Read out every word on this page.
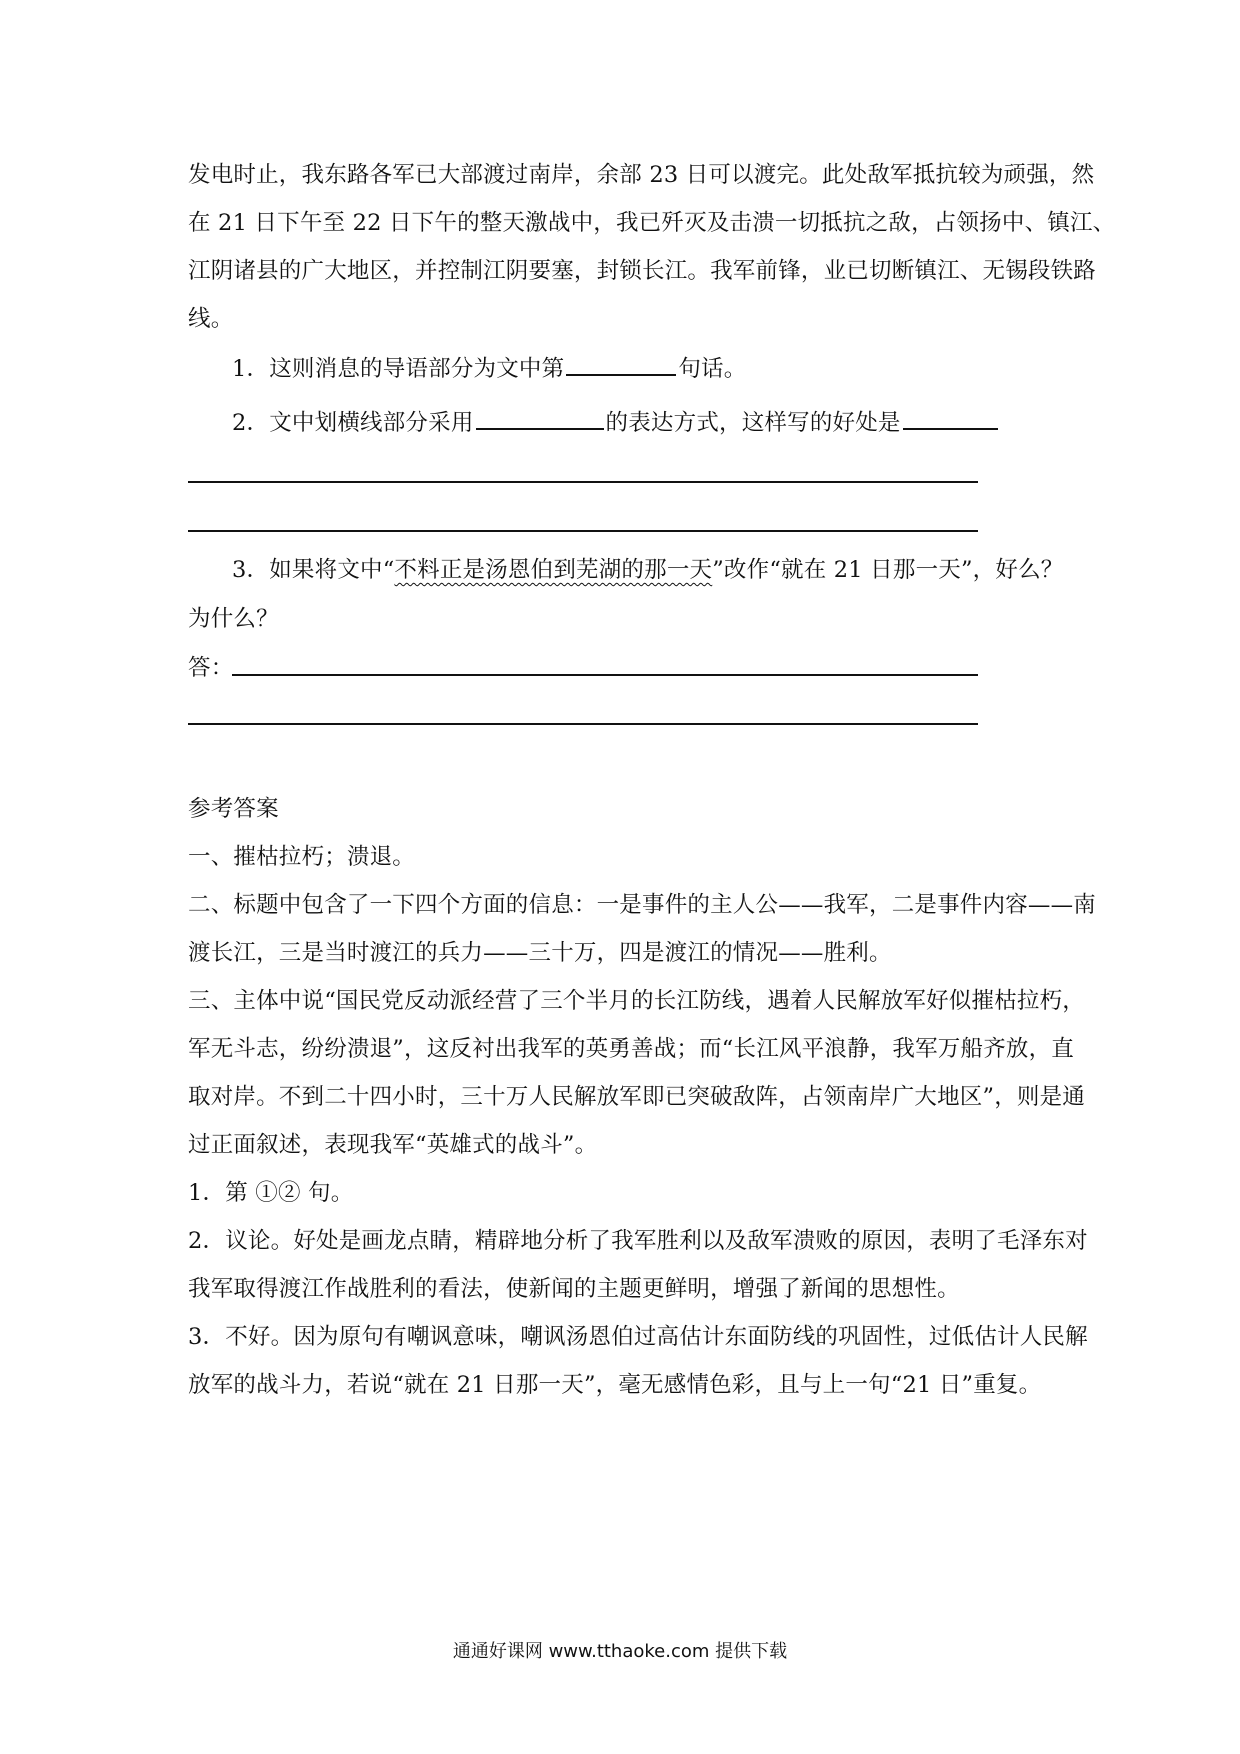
发电时止，我东路各军已大部渡过南岸，余部 23 日可以渡完。此处敌军抵抗较为顽强，然
在 21 日下午至 22 日下午的整天激战中，我已歼灭及击溃一切抵抗之敌，占领扬中、镇江、
江阴诸县的广大地区，并控制江阴要塞，封锁长江。我军前锋，业已切断镇江、无锡段铁路
线。
1．这则消息的导语部分为文中第	句话。
2．文中划横线部分采用	的表达方式，这样写的好处是
3．如果将文中“不料正是汤恩伯到芜湖的那一天”改作“就在 21 日那一天”，好么？
为什么？
答：
参考答案
一、摧枯拉朽；溃退。
二、标题中包含了一下四个方面的信息：一是事件的主人公——我军，二是事件内容——南
渡长江，三是当时渡江的兵力——三十万，四是渡江的情况——胜利。
三、主体中说“国民党反动派经营了三个半月的长江防线，遇着人民解放军好似摧枯拉朽，
军无斗志，纷纷溃退”，这反衬出我军的英勇善战；而“长江风平浪静，我军万船齐放，直
取对岸。不到二十四小时，三十万人民解放军即已突破敌阵，占领南岸广大地区”，则是通
过正面叙述，表现我军“英雄式的战斗”。
1．第 ①② 句。
2．议论。好处是画龙点睛，精辟地分析了我军胜利以及敌军溃败的原因，表明了毛泽东对
我军取得渡江作战胜利的看法，使新闻的主题更鲜明，增强了新闻的思想性。
3．不好。因为原句有嘲讽意味，嘲讽汤恩伯过高估计东面防线的巩固性，过低估计人民解
放军的战斗力，若说“就在 21 日那一天”，毫无感情色彩，且与上一句“21 日”重复。
通通好课网 www.tthaoke.com 提供下载
